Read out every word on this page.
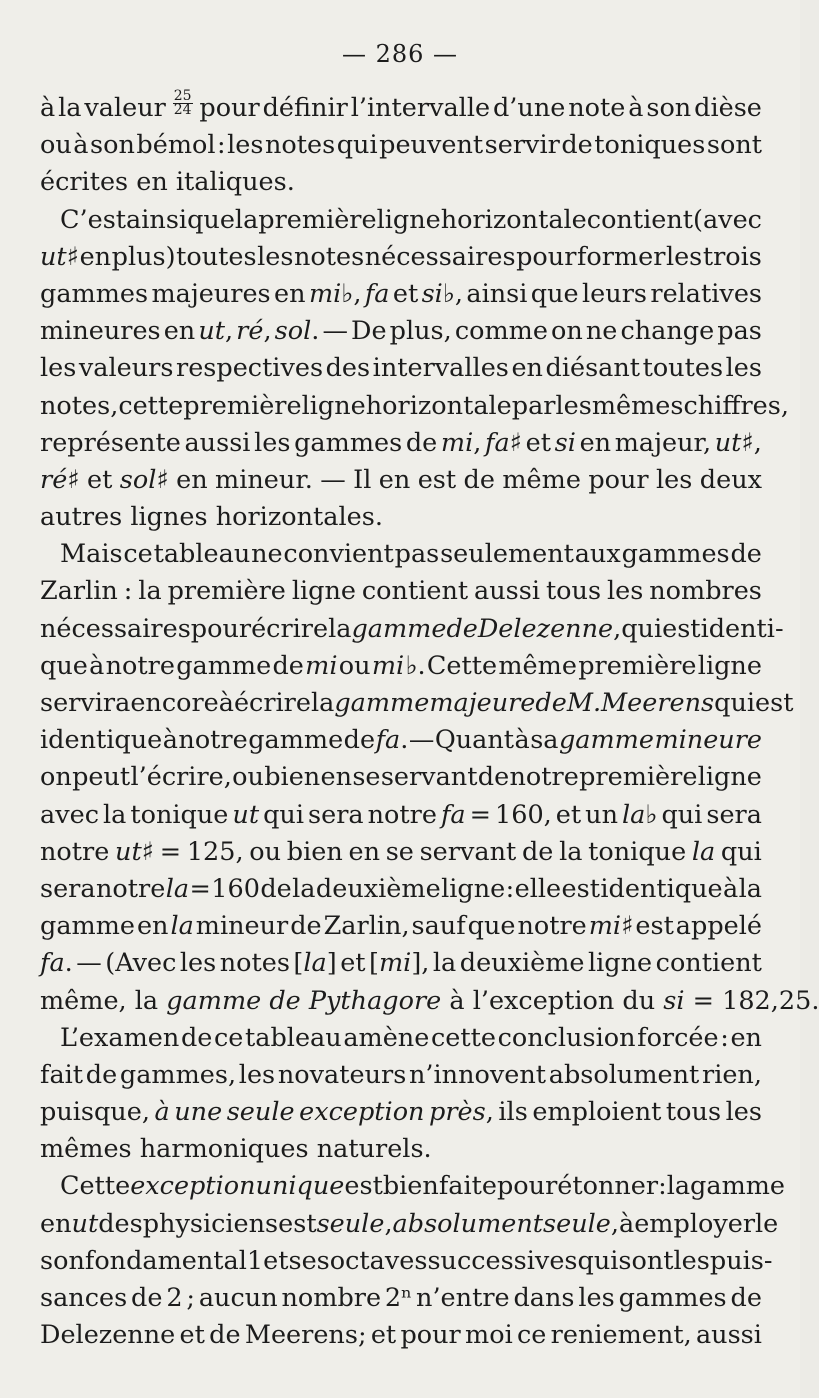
— 286 —
à la valeur $\frac{25}{24}$ pour définir l’intervalle d’une note à son dièse
ou à son bémol : les notes qui peuvent servir de toniques sont
écrites en italiques.
C’est ainsi que la première ligne horizontale contient (avec
ut♯ en plus) toutes les notes nécessaires pour former les trois
gammes majeures en mi♭, fa et si♭, ainsi que leurs relatives
mineures en ut, ré, sol. — De plus, comme on ne change pas
les valeurs respectives des intervalles en diésant toutes les
notes, cette première ligne horizontale par les mêmes chiffres,
représente aussi les gammes de mi, fa♯ et si en majeur, ut♯,
ré♯ et sol♯ en mineur. — Il en est de même pour les deux
autres lignes horizontales.
Mais ce tableau ne convient pas seulement aux gammes de
Zarlin : la première ligne contient aussi tous les nombres
nécessaires pour écrire la gamme de Delezenne, qui est identi-
que à notre gamme de mi ou mi ♭. Cette même première ligne
servira encore à écrire la gamme majeure de M. Meerens qui est
identique à notre gamme de fa. — Quant à sa gamme mineure
on peut l’écrire, ou bien en se servant de notre première ligne
avec la tonique ut qui sera notre fa = 160, et un la♭ qui sera
notre ut♯ = 125, ou bien en se servant de la tonique la qui
sera notre la = 160 de la deuxième ligne : elle est identique à la
gamme en la mineur de Zarlin, sauf que notre mi♯ est appelé
fa. — (Avec les notes [la] et [mi], la deuxième ligne contient
même, la gamme de Pythagore à l’exception du si = 182,25.
L’examen de ce tableau amène cette conclusion forcée : en
fait de gammes, les novateurs n’innovent absolument rien,
puisque, à une seule exception près, ils emploient tous les
mêmes harmoniques naturels.
Cette exception unique est bien faite pour étonner : la gamme
en ut des physiciens est seule, absolument seule, à employer le
son fondamental 1 et ses octaves successives qui sont les puis-
sances de 2 ; aucun nombre 2ⁿ n’entre dans les gammes de
Delezenne et de Meerens; et pour moi ce reniement, aussi
